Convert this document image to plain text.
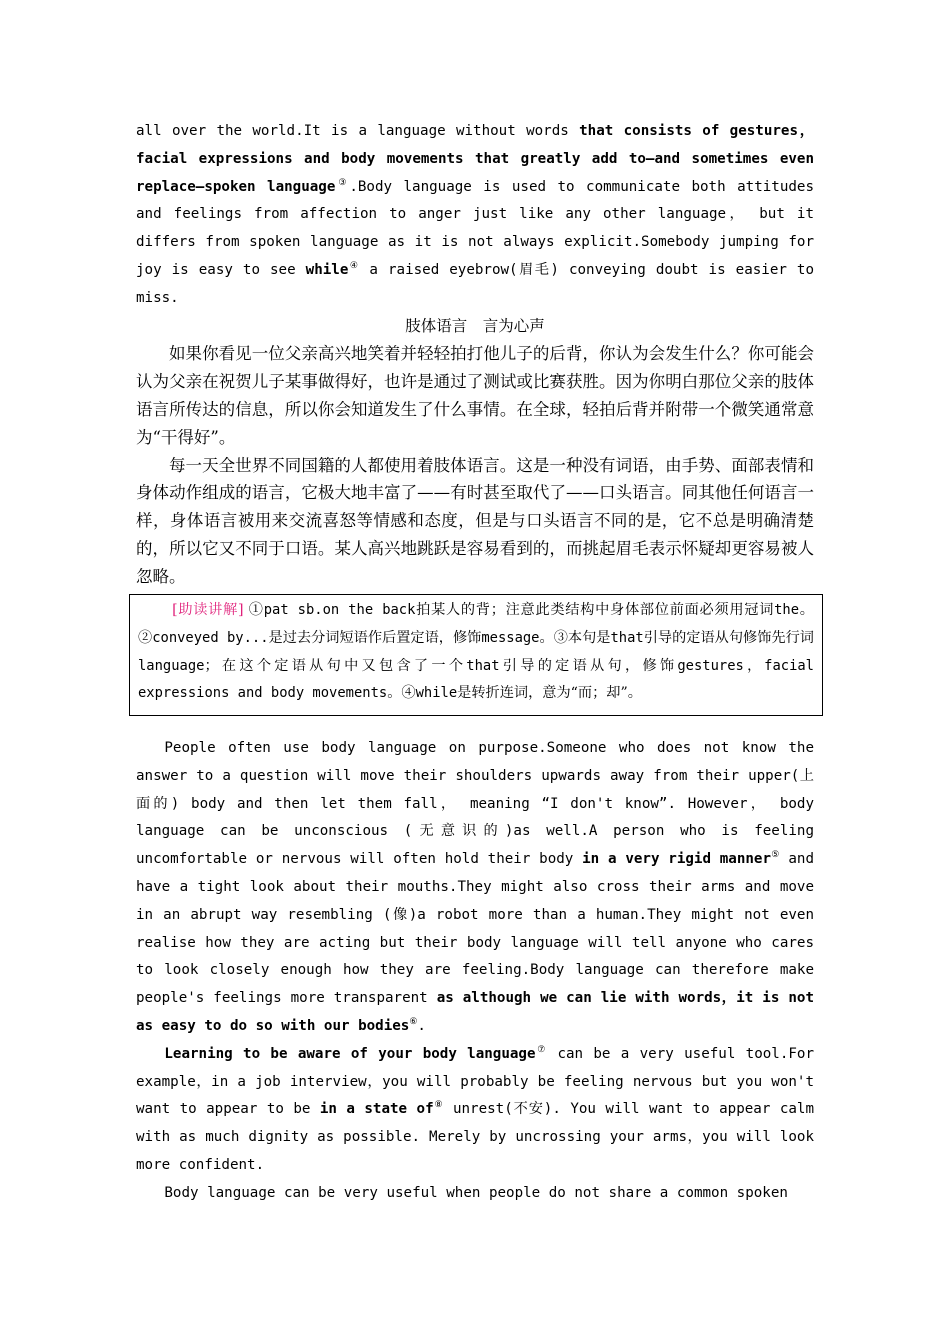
all over the world.It is a language without words that consists of gestures， facial expressions and body movements that greatly add to—and sometimes even replace—spoken language③.Body language is used to communicate both attitudes and feelings from affection to anger just like any other language， but it differs from spoken language as it is not always explicit.Somebody jumping for joy is easy to see while④ a raised eyebrow(眉毛) conveying doubt is easier to miss.

肢体语言　言为心声

如果你看见一位父亲高兴地笑着并轻轻拍打他儿子的后背，你认为会发生什么？你可能会认为父亲在祝贺儿子某事做得好，也许是通过了测试或比赛获胜。因为你明白那位父亲的肢体语言所传达的信息，所以你会知道发生了什么事情。在全球，轻拍后背并附带一个微笑通常意为“干得好”。

每一天全世界不同国籍的人都使用着肢体语言。这是一种没有词语，由手势、面部表情和身体动作组成的语言，它极大地丰富了——有时甚至取代了——口头语言。同其他任何语言一样，身体语言被用来交流喜怒等情感和态度，但是与口头语言不同的是，它不总是明确清楚的，所以它又不同于口语。某人高兴地跳跃是容易看到的，而挑起眉毛表示怀疑却更容易被人忽略。

[助读讲解] ①pat sb.on the back拍某人的背；注意此类结构中身体部位前面必须用冠词the。②conveyed by...是过去分词短语作后置定语，修饰message。③本句是that引导的定语从句修饰先行词language；在这个定语从句中又包含了一个that引导的定语从句，修饰gestures，facial expressions and body movements。④while是转折连词，意为“而；却”。

People often use body language on purpose.Someone who does not know the answer to a question will move their shoulders upwards away from their upper(上面的) body and then let them fall， meaning “I don't know”. However， body language can be unconscious (无意识的)as well.A person who is feeling uncomfortable or nervous will often hold their body in a very rigid manner⑤ and have a tight look about their mouths.They might also cross their arms and move in an abrupt way resembling (像)a robot more than a human.They might not even realise how they are acting but their body language will tell anyone who cares to look closely enough how they are feeling.Body language can therefore make people's feelings more transparent as although we can lie with words，it is not as easy to do so with our bodies⑥.

Learning to be aware of your body language⑦ can be a very useful tool.For example，in a job interview，you will probably be feeling nervous but you won't want to appear to be in a state of⑧ unrest(不安). You will want to appear calm with as much dignity as possible. Merely by uncrossing your arms，you will look more confident.

Body language can be very useful when people do not share a common spoken
